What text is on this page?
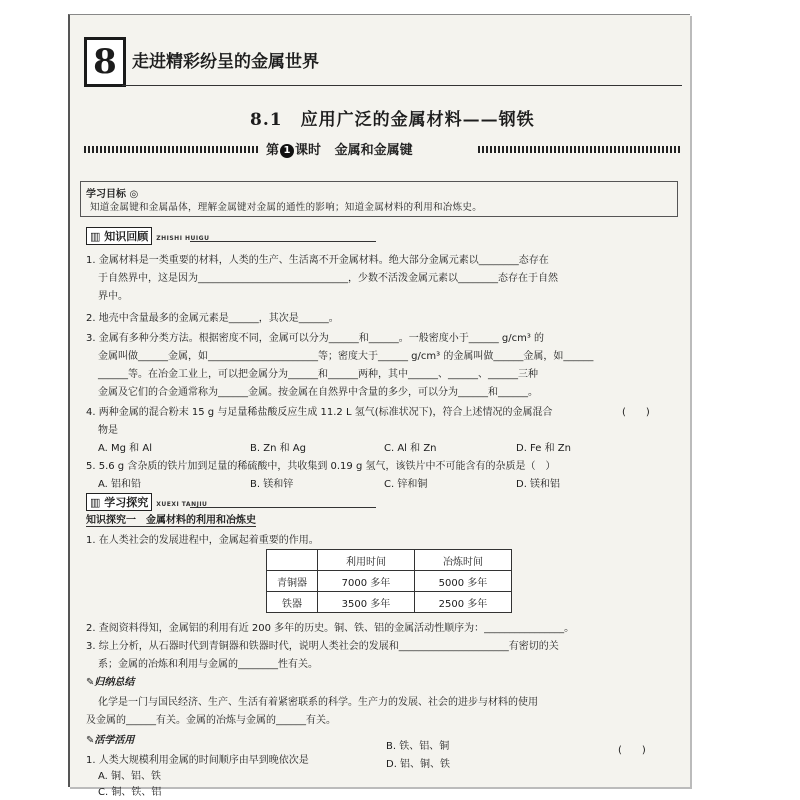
8 走进精彩纷呈的金属世界
8.1　应用广泛的金属材料——钢铁
第 1 课时 金属和金属键
学习目标 ◎
知道金属键和金属晶体，理解金属键对金属的通性的影响；知道金属材料的利用和冶炼史。
▥ 知识回顾 ZHISHI HUIGU
1. 金属材料是一类重要的材料，人类的生产、生活离不开金属材料。绝大部分金属元素以________态存在
于自然界中，这是因为______________________________，少数不活泼金属元素以________态存在于自然
界中。
2. 地壳中含量最多的金属元素是______，其次是______。
3. 金属有多种分类方法。根据密度不同，金属可以分为______和______。一般密度小于______ g/cm³ 的
金属叫做______金属，如______________________等；密度大于______ g/cm³ 的金属叫做______金属，如______
______等。在冶金工业上，可以把金属分为______和______两种，其中______、______、______三种
金属及它们的合金通常称为______金属。按金属在自然界中含量的多少，可以分为______和______。
4. 两种金属的混合粉末 15 g 与足量稀盐酸反应生成 11.2 L 氢气(标准状况下)，符合上述情况的金属混合
物是
(　　)
A. Mg 和 Al	B. Zn 和 Ag	C. Al 和 Zn	D. Fe 和 Zn
5. 5.6 g 含杂质的铁片加到足量的稀硫酸中，共收集到 0.19 g 氢气，该铁片中不可能含有的杂质是（　）
A. 铝和铅	B. 镁和锌	C. 锌和铜	D. 镁和铝
▥ 学习探究 XUEXI TANJIU
知识探究一　金属材料的利用和冶炼史
1. 在人类社会的发展进程中，金属起着重要的作用。
	利用时间	冶炼时间
青铜器	7000 多年	5000 多年
铁器	3500 多年	2500 多年
2. 查阅资料得知，金属铝的利用有近 200 多年的历史。铜、铁、铝的金属活动性顺序为：________________。
3. 综上分析，从石器时代到青铜器和铁器时代，说明人类社会的发展和______________________有密切的关
系；金属的冶炼和利用与金属的________性有关。
✎归纳总结
化学是一门与国民经济、生产、生活有着紧密联系的科学。生产力的发展、社会的进步与材料的使用
及金属的______有关。金属的冶炼与金属的______有关。
✎活学活用
1. 人类大规模利用金属的时间顺序由早到晚依次是
(　　)
B. 铁、铝、铜
A. 铜、铝、铁
D. 铝、铜、铁
C. 铜、铁、铝
